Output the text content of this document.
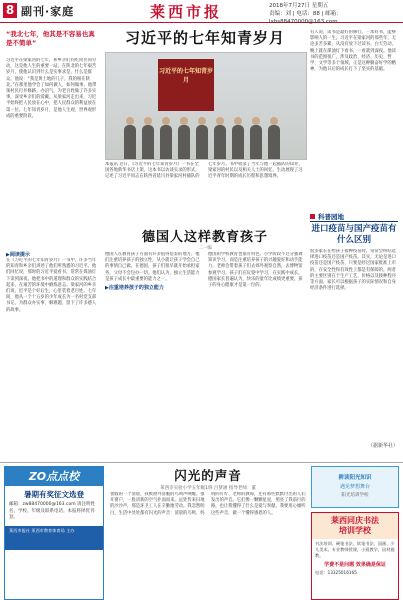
8 副刊·家庭	莱西市报	2018年7月27日 星期五
责编：刘 | 电话：88 | 邮箱：lxbs88470000@163.com
“我北七年，他其是不容易也真是不简单”
习近平在梁家河的七年，和乡亲们同吃同住同劳动，这是他人生的重要一站。在陕北的七年艰苦岁月，使他认识到什么是实事求是，什么是群众。他说：“我是黄土地的儿子，我的根在陕北。”在那里他学会了如何做人、如何做事。他带领村民打井修路、办沼气，为老百姓做了许多实事，深受乡亲们的爱戴。从梁家河走出来，习近平始终把人民放在心中，把人民群众的利益放在第一位。七年知青岁月，是他人生观、世界观形成的重要阶段。
▶阅读提示
在《习近平的七年知青岁月》一书中，许多当年的知青和乡亲们讲述了他们所熟悉的习近平。他们回忆说，那时的习近平爱看书，常常在煤油灯下读到深夜。他把书中的道理和群众的实践结合起来，在艰苦的环境中磨炼意志。梁家河的乡亲们说，近平是个好后生，心里装着老百姓。七年间，他从一个十五岁的少年成长为一名村党支部书记，为群众办实事、解难题，留下了许多感人的故事。
习近平的七年知青岁月
习近平的七年知青岁月
本报讯 近日，《习近平的七年知青岁月》一书在全国各地新华书店上架。这本书以访谈实录的形式，记述了习近平同志在陕西省延川县梁家河村插队的七年岁月。书中收录了当年与他一起插队的知青、梁家河的村民以及相关人士的回忆，生动展现了习近平青年时期的成长历程和思想境界。
德国人这样教育孩子
二一编
德国人在教育孩子方面有许多值得借鉴的地方。他们注重培养孩子的独立性，从小就让孩子学会自己的事情自己做。在德国，孩子们很早就开始承担家务，父母不会包办一切。他们认为，独立生活能力是孩子成长中最重要的能力之一。
▶注重培养孩子的独立能力
德国的学校教育也很有特色。小学阶段不过分强调知识学习，而是注重培养孩子的兴趣爱好和动手能力。老师会带着孩子们去郊外观察自然，去博物馆参观学习。孩子们在玩耍中学习，在实践中成长。德国家长普遍认为，快乐的童年比成绩更重要，孩子的身心健康才是第一位的。
有人说，读书是最好的修行。一本好书，能够影响人的一生。习近平在梁家河的那些年，无论多苦多累，从没有放下过读书。白天劳动，晚上就在煤油灯下看书，一看就到深夜。他读书的范围很广，涉及政治、经济、历史、哲学、文学等多个领域。正是这种勤奋好学的精神，为他日后的成长打下了坚实的基础。
科普园地
进口疫苗与国产疫苗有什么区别
很多家长在给孩子接种疫苗时，常常会纠结选择进口疫苗还是国产疫苗。其实，无论是进口疫苗还是国产疫苗，只要是经过国家批准上市的，在安全性和有效性上都是有保障的。两者的主要区别在于生产工艺、价格以及接种程序等方面。家长可以根据孩子的实际情况和自身经济条件进行选择。
（据新华社）
ZO点点校
暑期有奖征文选登
邮箱：zw88470000@163.com 请注明姓名、学校、年级及联系电话。本报将择优刊登。
莱西市报社 莱西市教育体育局 主办
闪光的声音
莱西市实验小学五年级1班 吕梦涵 指导老师：董
暑假的一个清晨，我被窗外清脆的鸟叫声唤醒。推开窗户，一股清新的空气扑面而来。远处传来扫地的沙沙声，那是环卫工人在辛勤地劳动。我忽然明白，生活中处处都有闪光的声音：清晨的鸟鸣、妈妈的叮咛、老师的教诲，还有那些默默付出的人们发出的声音。它们像一颗颗星星，照亮了我前行的路，也让我懂得了什么是爱与奉献。我要用心倾听这些声音，做一个懂得感恩的人。
耕读阳光知识
遇见梦想舞台
阳光培训学校
莱西同庆书法
培训学校
书法培训、硬笔书法、软笔书法、国画、少儿美术。专业教师授课，小班教学，因材施教。
学费不是问题 效果确是保证
电话：13325016165
